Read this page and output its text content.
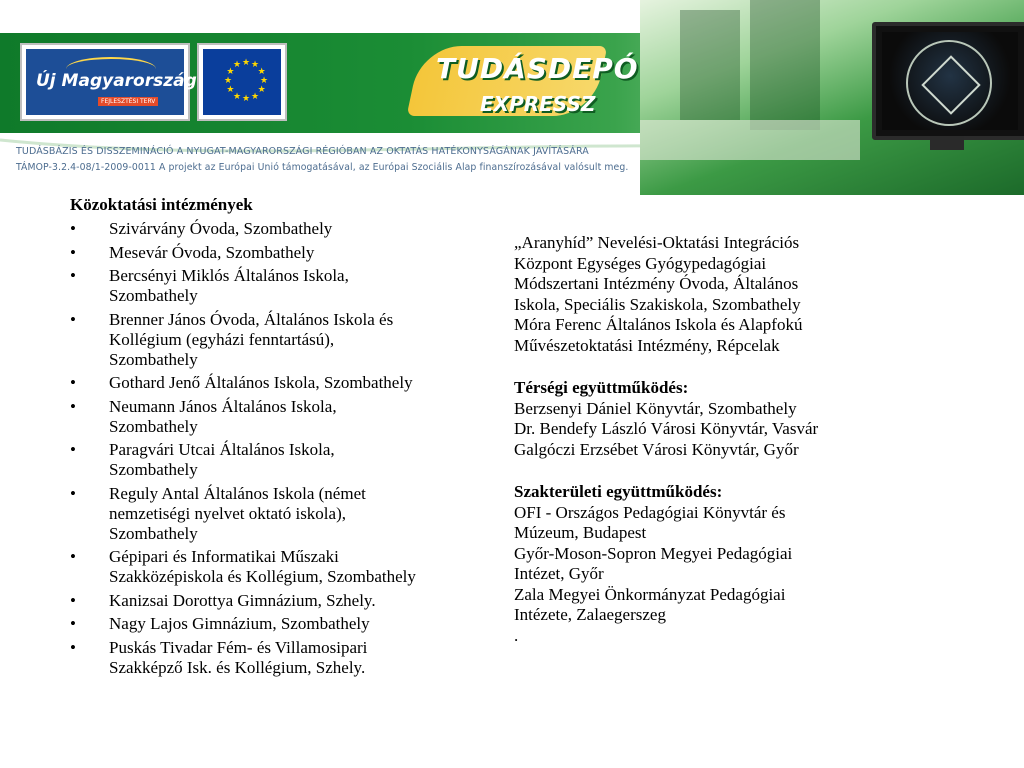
Új Magyarország
FEJLESZTÉSI TERV
★ ★
★
★
★
★
★
★
★
★
★
★	TUDÁSDEPÓ
EXPRESSZ
TUDÁSBÁZIS ÉS DISSZEMINÁCIÓ A NYUGAT-MAGYARORSZÁGI RÉGIÓBAN AZ OKTATÁS HATÉKONYSÁGÁNAK JAVÍTÁSÁRA
TÁMOP-3.2.4-08/1-2009-0011 A projekt az Európai Unió támogatásával, az Európai Szociális Alap finanszírozásával valósult meg.
Közoktatási intézmények
• Szivárvány Óvoda, Szombathely
• Mesevár Óvoda, Szombathely
• Bercsényi Miklós Általános Iskola,
Szombathely
• Brenner János Óvoda, Általános Iskola és
Kollégium (egyházi fenntartású),
Szombathely
• Gothard Jenő Általános Iskola, Szombathely
• Neumann János Általános Iskola,
Szombathely
• Paragvári Utcai Általános Iskola,
Szombathely
• Reguly Antal Általános Iskola (német
nemzetiségi nyelvet oktató iskola),
Szombathely
• Gépipari és Informatikai Műszaki
Szakközépiskola és Kollégium, Szombathely
• Kanizsai Dorottya Gimnázium, Szhely.
• Nagy Lajos Gimnázium, Szombathely
• Puskás Tivadar Fém- és Villamosipari
Szakképző Isk. és Kollégium, Szhely.
„Aranyhíd” Nevelési-Oktatási Integrációs
Központ Egységes Gyógypedagógiai
Módszertani Intézmény Óvoda, Általános
Iskola, Speciális Szakiskola, Szombathely
Móra Ferenc Általános Iskola és Alapfokú
Művészetoktatási Intézmény, Répcelak
Térségi együttműködés:
Berzsenyi Dániel Könyvtár, Szombathely
Dr. Bendefy László Városi Könyvtár, Vasvár
Galgóczi Erzsébet Városi Könyvtár, Győr
Szakterületi együttműködés:
OFI - Országos Pedagógiai Könyvtár és
Múzeum, Budapest
Győr-Moson-Sopron Megyei Pedagógiai
Intézet, Győr
Zala Megyei Önkormányzat Pedagógiai
Intézete, Zalaegerszeg
.
